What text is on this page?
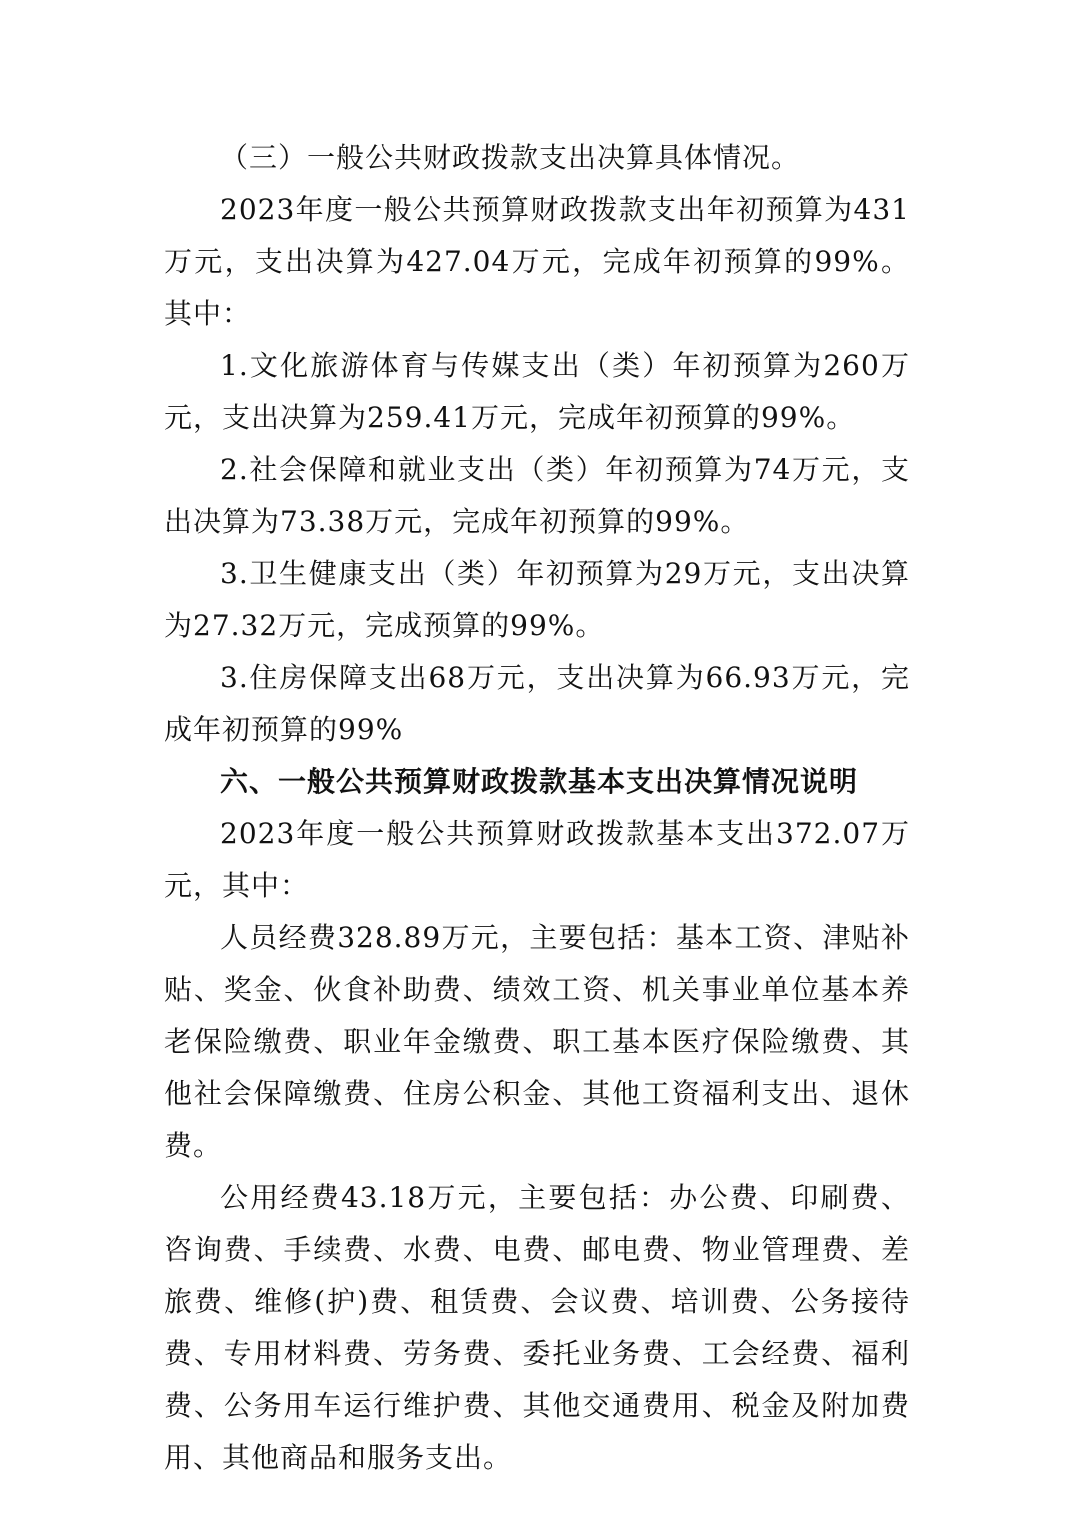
（三）一般公共财政拨款支出决算具体情况。

2023年度一般公共预算财政拨款支出年初预算为431万元，支出决算为427.04万元，完成年初预算的99%。其中：

1.文化旅游体育与传媒支出（类）年初预算为260万元，支出决算为259.41万元，完成年初预算的99%。

2.社会保障和就业支出（类）年初预算为74万元，支出决算为73.38万元，完成年初预算的99%。

3.卫生健康支出（类）年初预算为29万元，支出决算为27.32万元，完成预算的99%。

3.住房保障支出68万元，支出决算为66.93万元，完成年初预算的99%

六、一般公共预算财政拨款基本支出决算情况说明

2023年度一般公共预算财政拨款基本支出372.07万元，其中：

人员经费328.89万元，主要包括：基本工资、津贴补贴、奖金、伙食补助费、绩效工资、机关事业单位基本养老保险缴费、职业年金缴费、职工基本医疗保险缴费、其他社会保障缴费、住房公积金、其他工资福利支出、退休费。

公用经费43.18万元，主要包括：办公费、印刷费、咨询费、手续费、水费、电费、邮电费、物业管理费、差旅费、维修(护)费、租赁费、会议费、培训费、公务接待费、专用材料费、劳务费、委托业务费、工会经费、福利费、公务用车运行维护费、其他交通费用、税金及附加费用、其他商品和服务支出。
